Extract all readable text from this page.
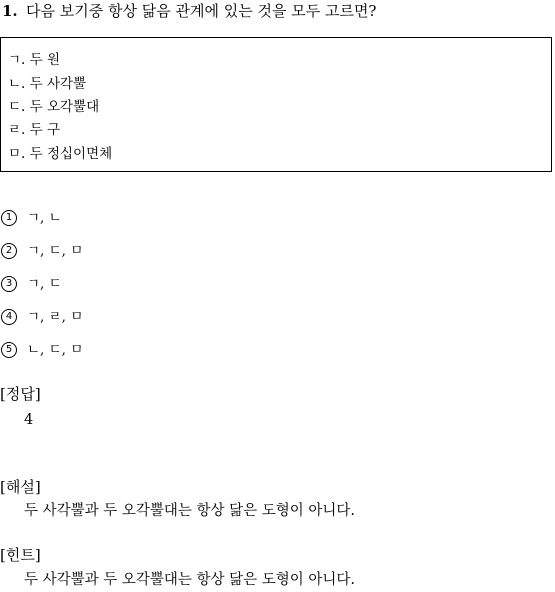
1. 다음 보기중 항상 닮음 관계에 있는 것을 모두 고르면?
ㄱ. 두 원
ㄴ. 두 사각뿔
ㄷ. 두 오각뿔대
ㄹ. 두 구
ㅁ. 두 정십이면체
1 ㄱ, ㄴ
2 ㄱ, ㄷ, ㅁ
3 ㄱ, ㄷ
4 ㄱ, ㄹ, ㅁ
5 ㄴ, ㄷ, ㅁ
[정답]
4
[해설]
두 사각뿔과 두 오각뿔대는 항상 닮은 도형이 아니다.
[힌트]
두 사각뿔과 두 오각뿔대는 항상 닮은 도형이 아니다.
